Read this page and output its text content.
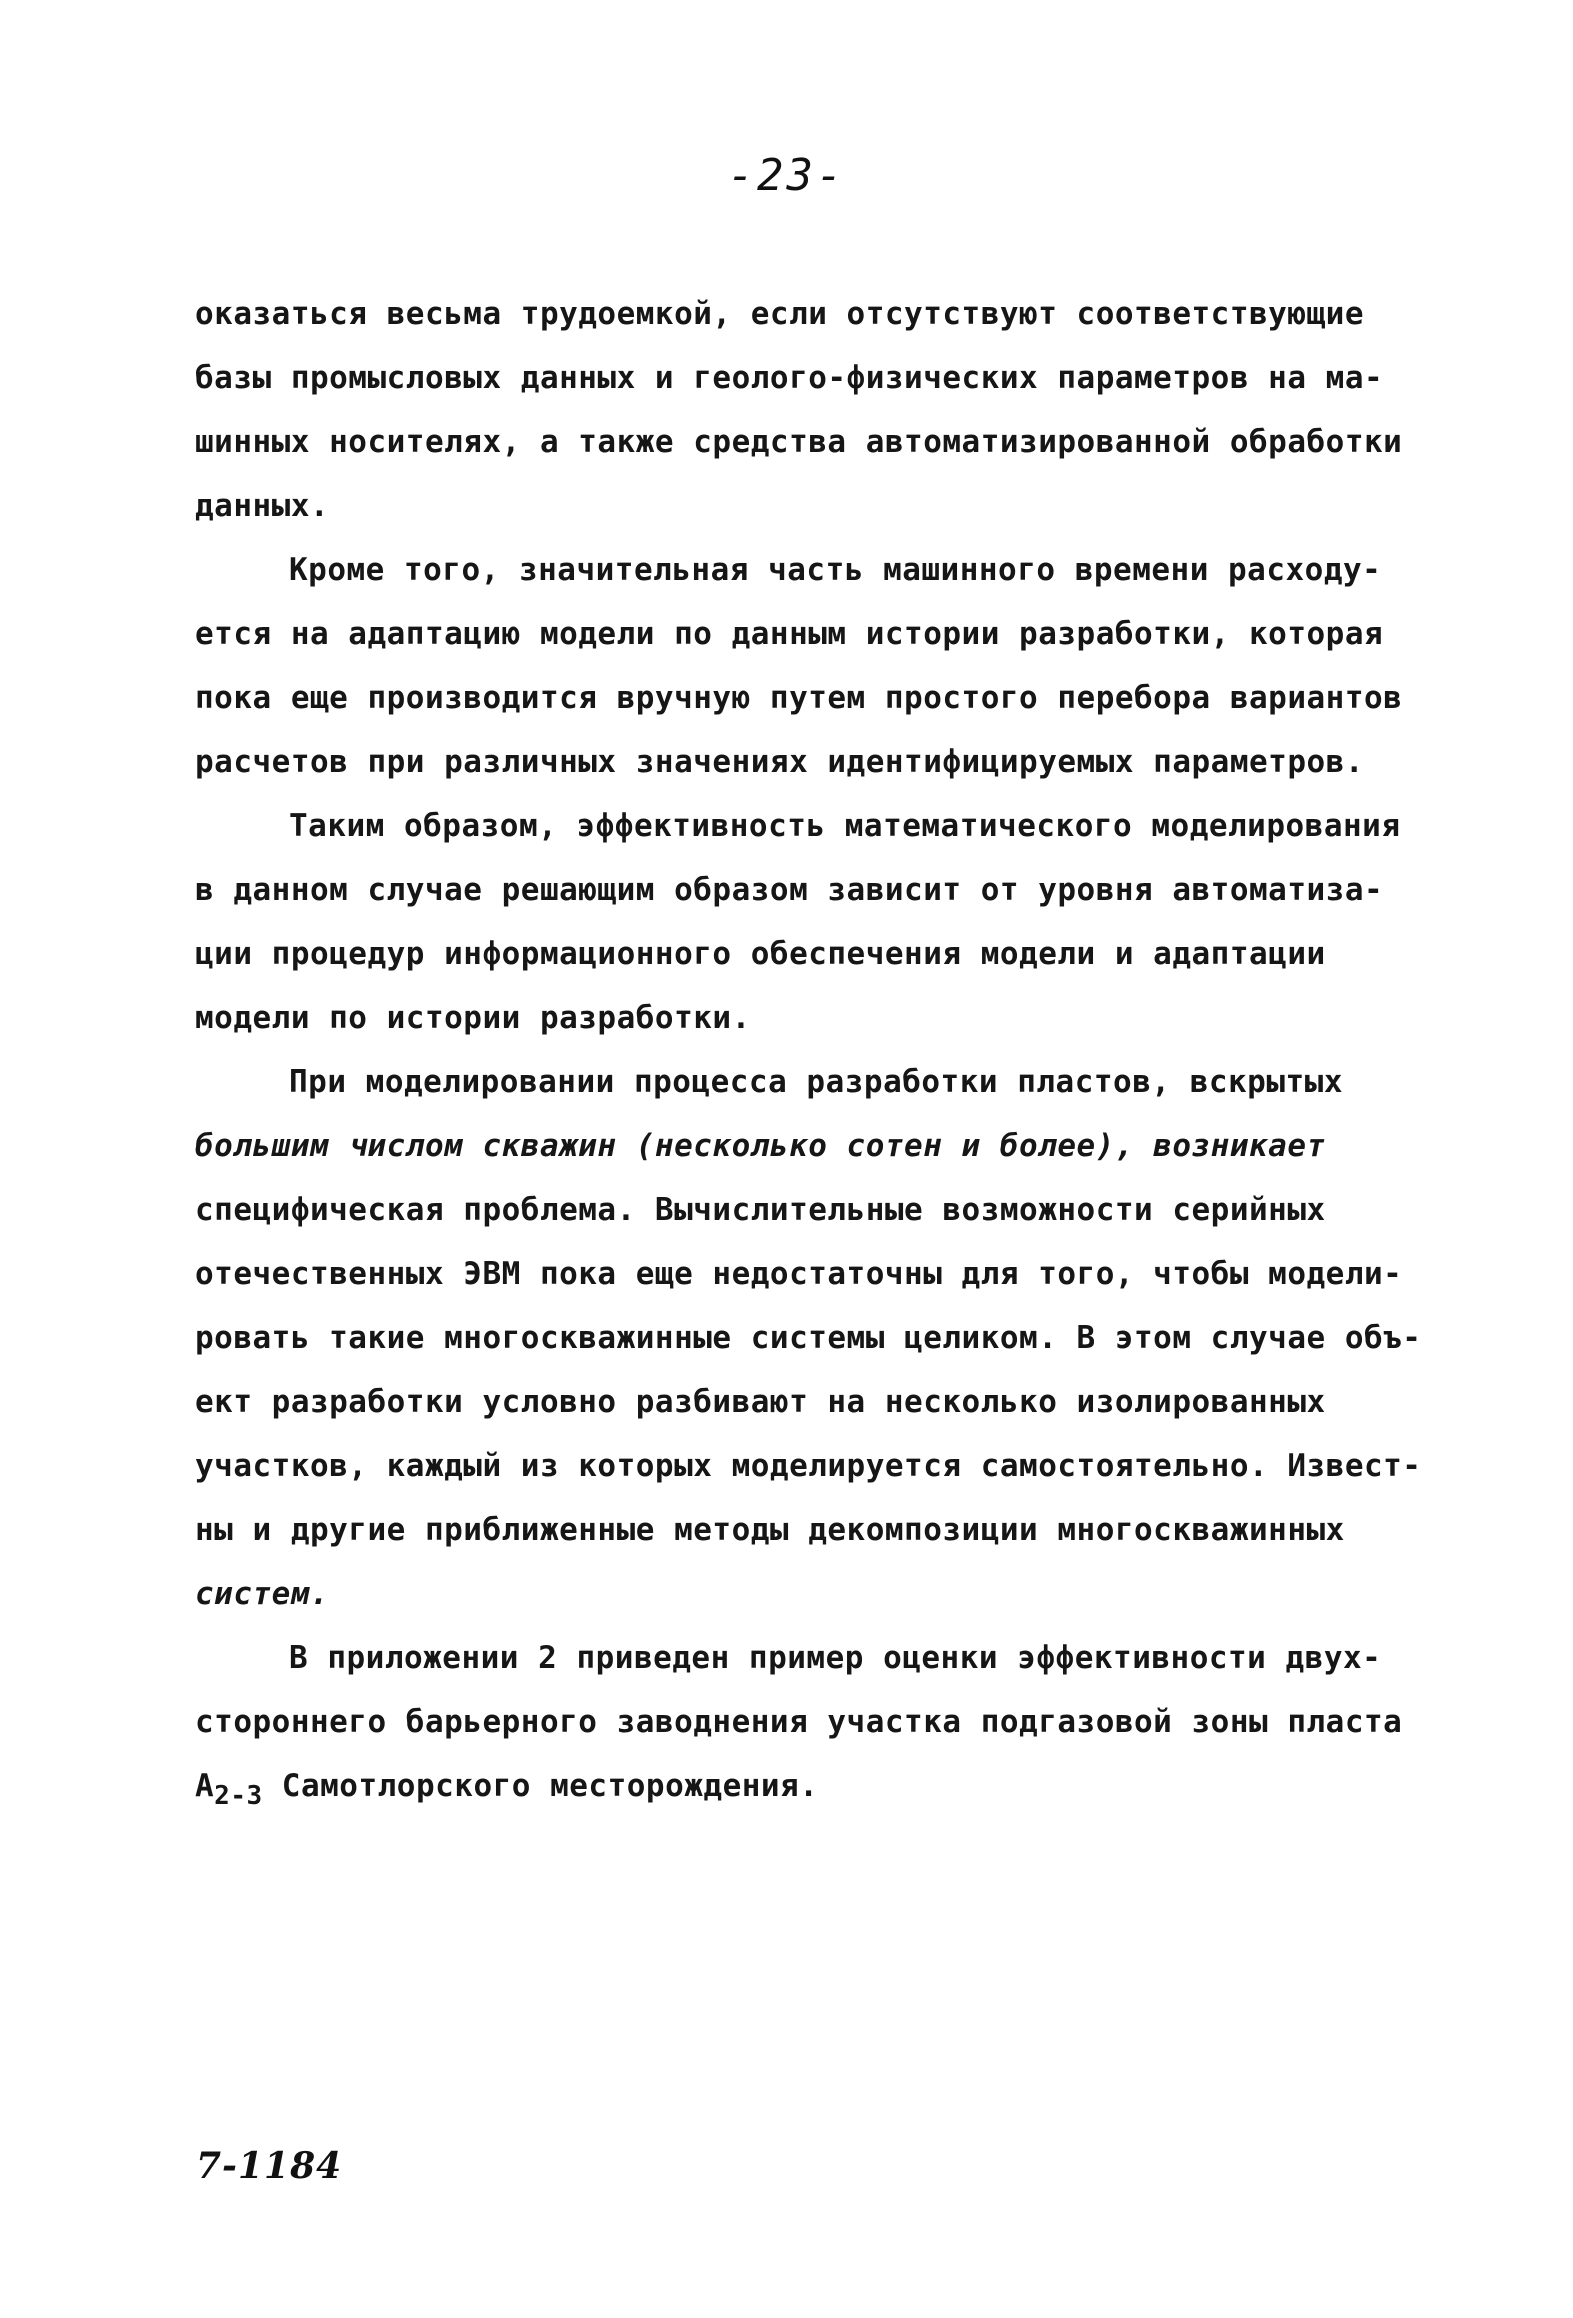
-23-
оказаться весьма трудоемкой, если отсутствуют соответствующие
базы промысловых данных и геолого-физических параметров на ма-
шинных носителях, а также средства автоматизированной обработки
данных.
Кроме того, значительная часть машинного времени расходу-
ется на адаптацию модели по данным истории разработки, которая
пока еще производится вручную путем простого перебора вариантов
расчетов при различных значениях идентифицируемых параметров.
Таким образом, эффективность математического моделирования
в данном случае решающим образом зависит от уровня автоматиза-
ции процедур информационного обеспечения модели и адаптации
модели по истории разработки.
При моделировании процесса разработки пластов, вскрытых
большим числом скважин (несколько сотен и более), возникает
специфическая проблема. Вычислительные возможности серийных
отечественных ЭВМ пока еще недостаточны для того, чтобы модели-
ровать такие многоскважинные системы целиком. В этом случае объ-
ект разработки условно разбивают на несколько изолированных
участков, каждый из которых моделируется самостоятельно. Извест-
ны и другие приближенные методы декомпозиции многоскважинных
систем.
В приложении 2 приведен пример оценки эффективности двух-
стороннего барьерного заводнения участка подгазовой зоны пласта
$А_{2-3}$ Самотлорского месторождения.
7-1184
